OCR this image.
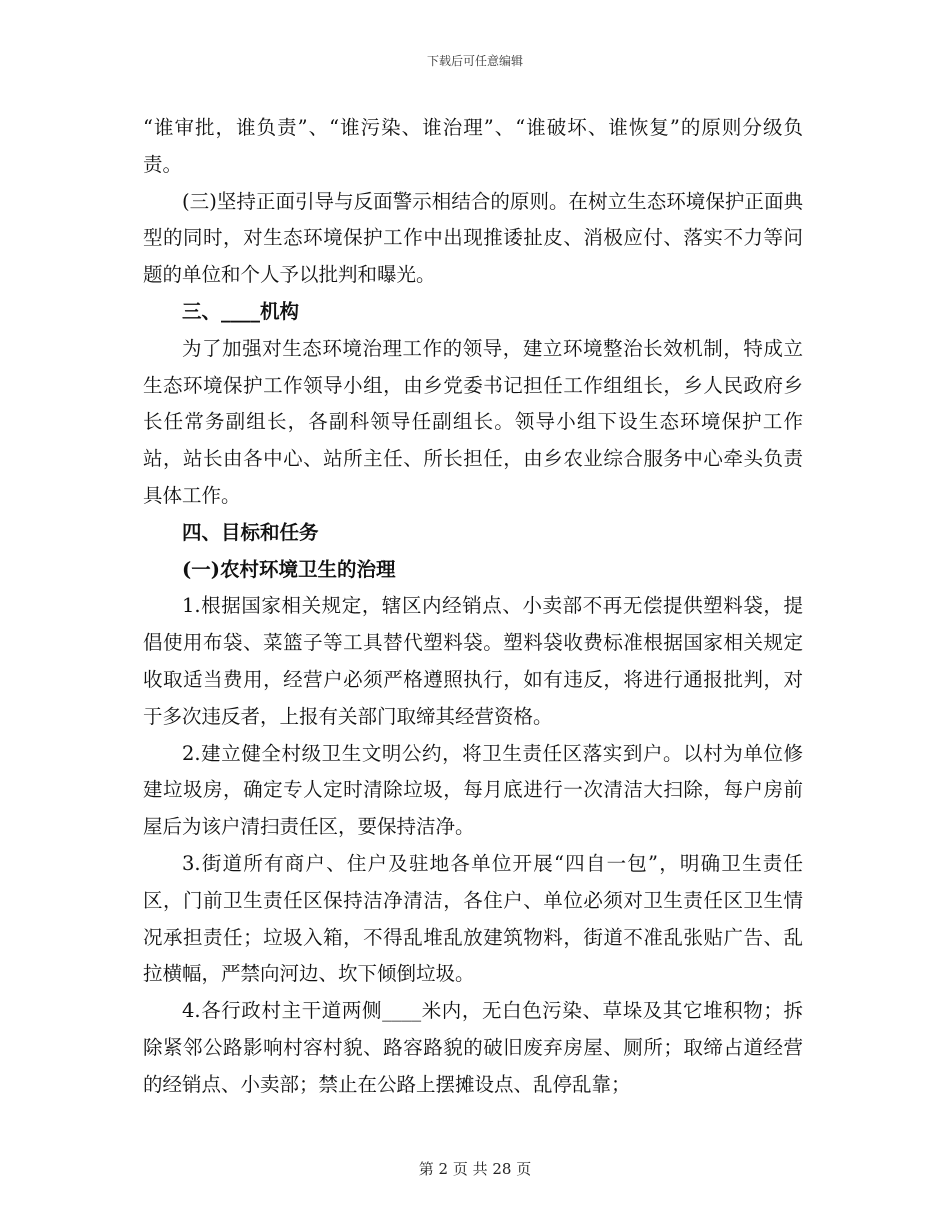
下载后可任意编辑

“谁审批，谁负责”、“谁污染、谁治理”、“谁破坏、谁恢复”的原则分级负责。

(三)坚持正面引导与反面警示相结合的原则。在树立生态环境保护正面典型的同时，对生态环境保护工作中出现推诿扯皮、消极应付、落实不力等问题的单位和个人予以批判和曝光。

三、____机构

为了加强对生态环境治理工作的领导，建立环境整治长效机制，特成立生态环境保护工作领导小组，由乡党委书记担任工作组组长，乡人民政府乡长任常务副组长，各副科领导任副组长。领导小组下设生态环境保护工作站，站长由各中心、站所主任、所长担任，由乡农业综合服务中心牵头负责具体工作。

四、目标和任务

(一)农村环境卫生的治理

1.根据国家相关规定，辖区内经销点、小卖部不再无偿提供塑料袋，提倡使用布袋、菜篮子等工具替代塑料袋。塑料袋收费标准根据国家相关规定收取适当费用，经营户必须严格遵照执行，如有违反，将进行通报批判，对于多次违反者，上报有关部门取缔其经营资格。

2.建立健全村级卫生文明公约，将卫生责任区落实到户。以村为单位修建垃圾房，确定专人定时清除垃圾，每月底进行一次清洁大扫除，每户房前屋后为该户清扫责任区，要保持洁净。

3.街道所有商户、住户及驻地各单位开展“四自一包”，明确卫生责任区，门前卫生责任区保持洁净清洁，各住户、单位必须对卫生责任区卫生情况承担责任；垃圾入箱，不得乱堆乱放建筑物料，街道不准乱张贴广告、乱拉横幅，严禁向河边、坎下倾倒垃圾。

4.各行政村主干道两侧____米内，无白色污染、草垛及其它堆积物；拆除紧邻公路影响村容村貌、路容路貌的破旧废弃房屋、厕所；取缔占道经营的经销点、小卖部；禁止在公路上摆摊设点、乱停乱靠；

第 2 页 共 28 页
